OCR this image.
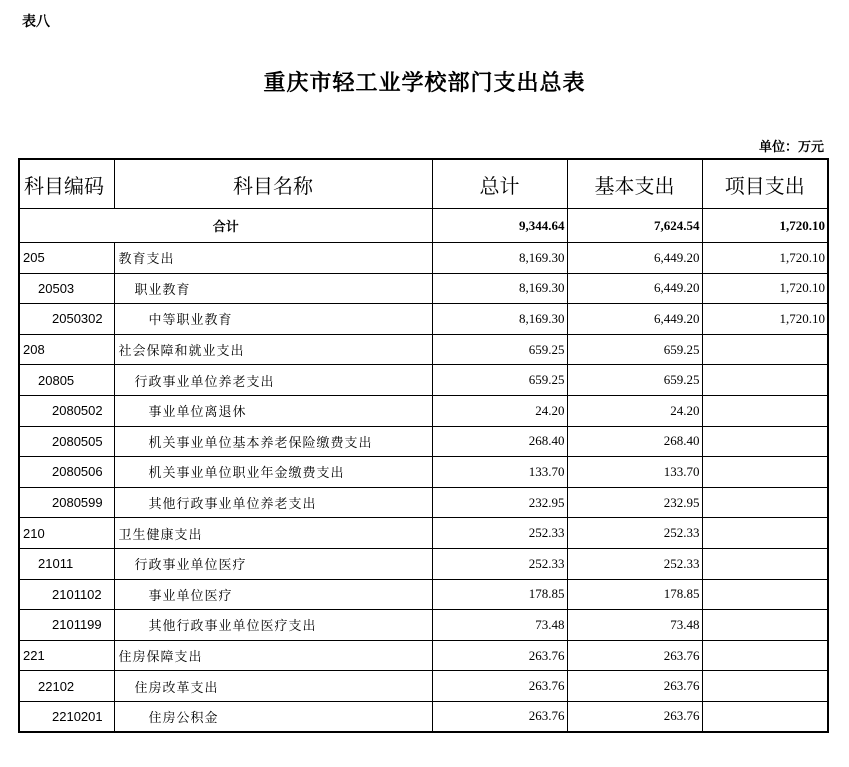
表八
重庆市轻工业学校部门支出总表
单位：万元
科目编码	科目名称	总计	基本支出	项目支出
合计		9,344.64	7,624.54	1,720.10
205	教育支出	8,169.30	6,449.20	1,720.10
20503	职业教育	8,169.30	6,449.20	1,720.10
2050302	中等职业教育	8,169.30	6,449.20	1,720.10
208	社会保障和就业支出	659.25	659.25	
20805	行政事业单位养老支出	659.25	659.25	
2080502	事业单位离退休	24.20	24.20	
2080505	机关事业单位基本养老保险缴费支出	268.40	268.40	
2080506	机关事业单位职业年金缴费支出	133.70	133.70	
2080599	其他行政事业单位养老支出	232.95	232.95	
210	卫生健康支出	252.33	252.33	
21011	行政事业单位医疗	252.33	252.33	
2101102	事业单位医疗	178.85	178.85	
2101199	其他行政事业单位医疗支出	73.48	73.48	
221	住房保障支出	263.76	263.76	
22102	住房改革支出	263.76	263.76	
2210201	住房公积金	263.76	263.76	
